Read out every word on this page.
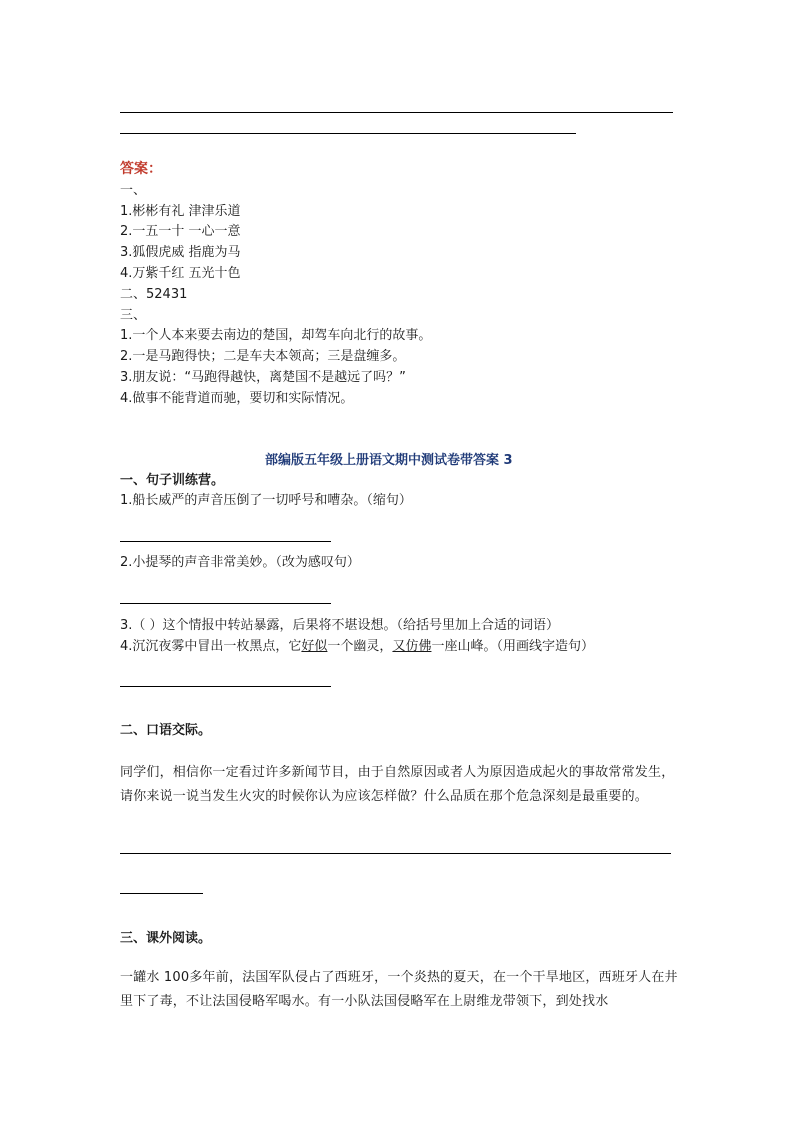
答案：
一、
1.彬彬有礼 津津乐道
2.一五一十 一心一意
3.狐假虎威 指鹿为马
4.万紫千红 五光十色
二、52431
三、
1.一个人本来要去南边的楚国，却驾车向北行的故事。
2.一是马跑得快；二是车夫本领高；三是盘缠多。
3.朋友说：“马跑得越快，离楚国不是越远了吗？”
4.做事不能背道而驰，要切和实际情况。
部编版五年级上册语文期中测试卷带答案 3
一、句子训练营。
1.船长威严的声音压倒了一切呼号和嘈杂。（缩句）
2.小提琴的声音非常美妙。（改为感叹句）
3.（ ）这个情报中转站暴露，后果将不堪设想。（给括号里加上合适的词语）
4.沉沉夜雾中冒出一枚黑点，它好似一个幽灵，又仿佛一座山峰。（用画线字造句）
二、口语交际。
同学们，相信你一定看过许多新闻节目，由于自然原因或者人为原因造成起火的事故常常发生，请你来说一说当发生火灾的时候你认为应该怎样做？什么品质在那个危急深刻是最重要的。
三、课外阅读。
一罐水 100多年前，法国军队侵占了西班牙，一个炎热的夏天，在一个干旱地区，西班牙人在井里下了毒，不让法国侵略军喝水。有一小队法国侵略军在上尉维龙带领下，到处找水
